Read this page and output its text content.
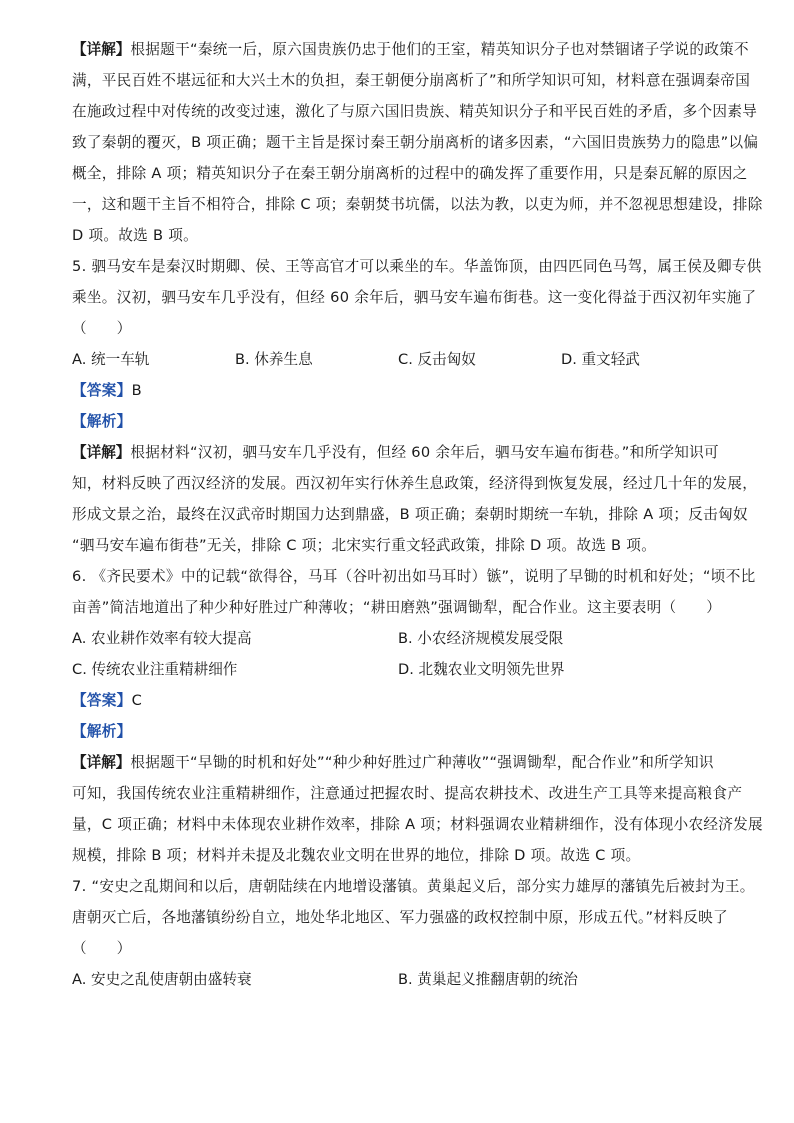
【详解】根据题干“秦统一后，原六国贵族仍忠于他们的王室，精英知识分子也对禁锢诸子学说的政策不
满，平民百姓不堪远征和大兴土木的负担，秦王朝便分崩离析了”和所学知识可知，材料意在强调秦帝国
在施政过程中对传统的改变过速，激化了与原六国旧贵族、精英知识分子和平民百姓的矛盾，多个因素导
致了秦朝的覆灭，B 项正确；题干主旨是探讨秦王朝分崩离析的诸多因素，“六国旧贵族势力的隐患”以偏
概全，排除 A 项；精英知识分子在秦王朝分崩离析的过程中的确发挥了重要作用，只是秦瓦解的原因之
一，这和题干主旨不相符合，排除 C 项；秦朝焚书坑儒，以法为教，以吏为师，并不忽视思想建设，排除
D 项。故选 B 项。
5. 驷马安车是秦汉时期卿、侯、王等高官才可以乘坐的车。华盖饰顶，由四匹同色马驾，属王侯及卿专供
乘坐。汉初，驷马安车几乎没有，但经 60 余年后，驷马安车遍布街巷。这一变化得益于西汉初年实施了
（　　）
A. 统一车轨	B. 休养生息	C. 反击匈奴	D. 重文轻武
【答案】B
【解析】
【详解】根据材料“汉初，驷马安车几乎没有，但经 60 余年后，驷马安车遍布街巷。”和所学知识可
知，材料反映了西汉经济的发展。西汉初年实行休养生息政策，经济得到恢复发展，经过几十年的发展，
形成文景之治，最终在汉武帝时期国力达到鼎盛，B 项正确；秦朝时期统一车轨，排除 A 项；反击匈奴
“驷马安车遍布街巷”无关，排除 C 项；北宋实行重文轻武政策，排除 D 项。故选 B 项。
6. 《齐民要术》中的记载“欲得谷，马耳（谷叶初出如马耳时）镞”，说明了早锄的时机和好处；“顷不比
亩善”简洁地道出了种少种好胜过广种薄收；“耕田磨熟”强调锄犁，配合作业。这主要表明（　　）
A. 农业耕作效率有较大提高	B. 小农经济规模发展受限
C. 传统农业注重精耕细作	D. 北魏农业文明领先世界
【答案】C
【解析】
【详解】根据题干“早锄的时机和好处”“种少种好胜过广种薄收”“强调锄犁，配合作业”和所学知识
可知，我国传统农业注重精耕细作，注意通过把握农时、提高农耕技术、改进生产工具等来提高粮食产
量，C 项正确；材料中未体现农业耕作效率，排除 A 项；材料强调农业精耕细作，没有体现小农经济发展
规模，排除 B 项；材料并未提及北魏农业文明在世界的地位，排除 D 项。故选 C 项。
7. “安史之乱期间和以后，唐朝陆续在内地增设藩镇。黄巢起义后，部分实力雄厚的藩镇先后被封为王。
唐朝灭亡后，各地藩镇纷纷自立，地处华北地区、军力强盛的政权控制中原，形成五代。”材料反映了
（　　）
A. 安史之乱使唐朝由盛转衰	B. 黄巢起义推翻唐朝的统治
